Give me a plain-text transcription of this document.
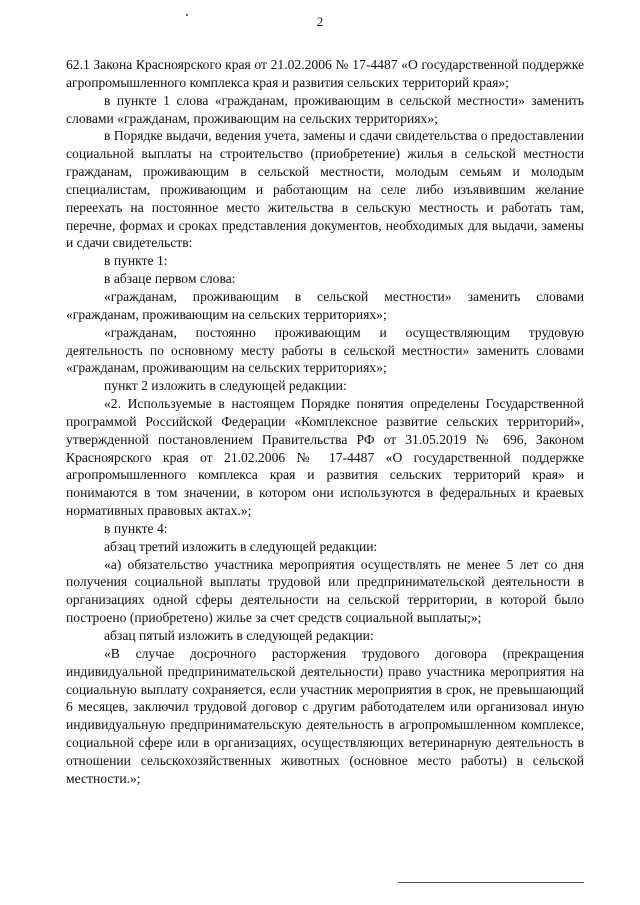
2

62.1 Закона Красноярского края от 21.02.2006 № 17-4487 «О государственной поддержке агропромышленного комплекса края и развития сельских территорий края»;

в пункте 1 слова «гражданам, проживающим в сельской местности» заменить словами «гражданам, проживающим на сельских территориях»;

в Порядке выдачи, ведения учета, замены и сдачи свидетельства о предоставлении социальной выплаты на строительство (приобретение) жилья в сельской местности гражданам, проживающим в сельской местности, молодым семьям и молодым специалистам, проживающим и работающим на селе либо изъявившим желание переехать на постоянное место жительства в сельскую местность и работать там, перечне, формах и сроках представления документов, необходимых для выдачи, замены и сдачи свидетельств:

в пункте 1:

в абзаце первом слова:

«гражданам, проживающим в сельской местности» заменить словами «гражданам, проживающим на сельских территориях»;

«гражданам, постоянно проживающим и осуществляющим трудовую деятельность по основному месту работы в сельской местности» заменить словами «гражданам, проживающим на сельских территориях»;

пункт 2 изложить в следующей редакции:

«2. Используемые в настоящем Порядке понятия определены Государственной программой Российской Федерации «Комплексное развитие сельских территорий», утвержденной постановлением Правительства РФ от 31.05.2019 № 696, Законом Красноярского края от 21.02.2006 № 17-4487 «О государственной поддержке агропромышленного комплекса края и развития сельских территорий края» и понимаются в том значении, в котором они используются в федеральных и краевых нормативных правовых актах.»;

в пункте 4:

абзац третий изложить в следующей редакции:

«а) обязательство участника мероприятия осуществлять не менее 5 лет со дня получения социальной выплаты трудовой или предпринимательской деятельности в организациях одной сферы деятельности на сельской территории, в которой было построено (приобретено) жилье за счет средств социальной выплаты;»;

абзац пятый изложить в следующей редакции:

«В случае досрочного расторжения трудового договора (прекращения индивидуальной предпринимательской деятельности) право участника мероприятия на социальную выплату сохраняется, если участник мероприятия в срок, не превышающий 6 месяцев, заключил трудовой договор с другим работодателем или организовал иную индивидуальную предпринимательскую деятельность в агропромышленном комплексе, социальной сфере или в организациях, осуществляющих ветеринарную деятельность в отношении сельскохозяйственных животных (основное место работы) в сельской местности.»;
